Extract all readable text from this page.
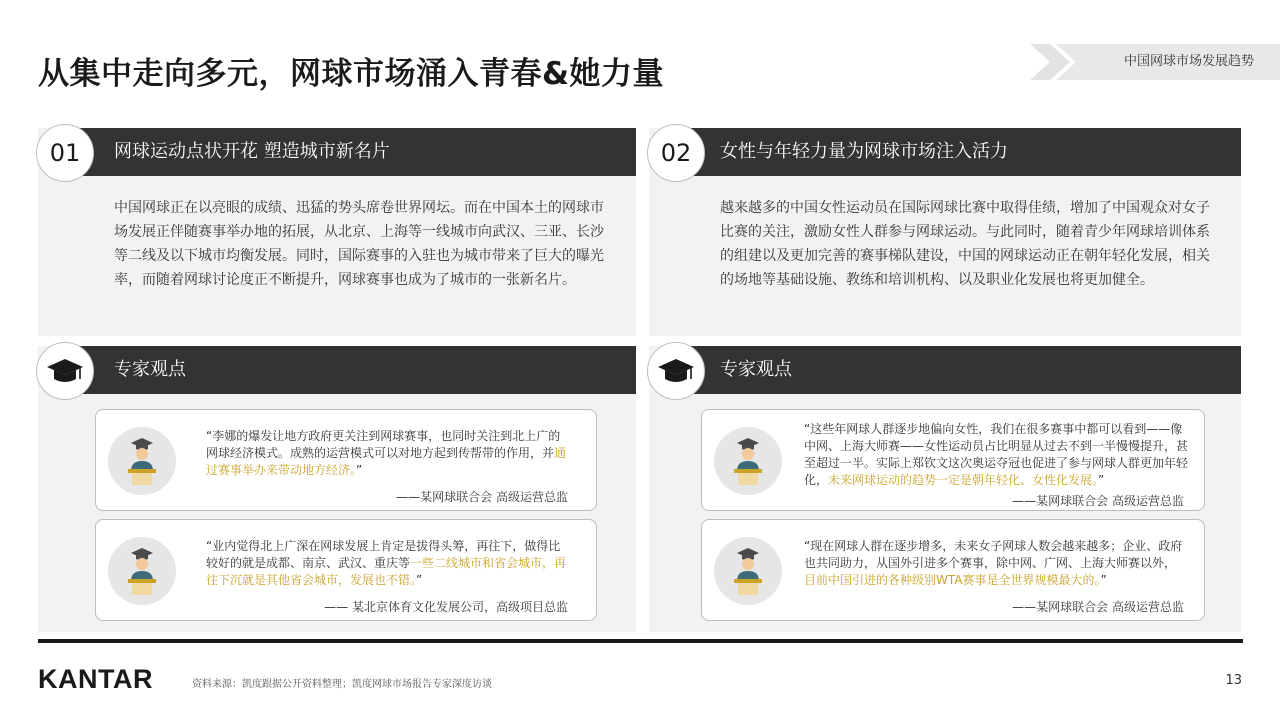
从集中走向多元，网球市场涌入青春&她力量	中国网球市场发展趋势
网球运动点状开花 塑造城市新名片
01
中国网球正在以亮眼的成绩、迅猛的势头席卷世界网坛。而在中国本土的网球市场发展正伴随赛事举办地的拓展，从北京、上海等一线城市向武汉、三亚、长沙等二线及以下城市均衡发展。同时，国际赛事的入驻也为城市带来了巨大的曝光率，而随着网球讨论度正不断提升，网球赛事也成为了城市的一张新名片。
专家观点
“李娜的爆发让地方政府更关注到网球赛事，也同时关注到北上广的网球经济模式。成熟的运营模式可以对地方起到传帮带的作用，并通过赛事举办来带动地方经济。”
——某网球联合会 高级运营总监
“业内觉得北上广深在网球发展上肯定是拔得头筹，再往下，做得比较好的就是成都、南京、武汉、重庆等一些二线城市和省会城市，再往下沉就是其他省会城市，发展也不错。”
—— 某北京体育文化发展公司，高级项目总监
女性与年轻力量为网球市场注入活力
02
越来越多的中国女性运动员在国际网球比赛中取得佳绩，增加了中国观众对女子比赛的关注，激励女性人群参与网球运动。与此同时，随着青少年网球培训体系的组建以及更加完善的赛事梯队建设，中国的网球运动正在朝年轻化发展，相关的场地等基础设施、教练和培训机构、以及职业化发展也将更加健全。
专家观点
“这些年网球人群逐步地偏向女性，我们在很多赛事中都可以看到——像中网、上海大师赛——女性运动员占比明显从过去不到一半慢慢提升，甚至超过一半。实际上郑钦文这次奥运夺冠也促进了参与网球人群更加年轻化，未来网球运动的趋势一定是朝年轻化、女性化发展。”
——某网球联合会 高级运营总监
“现在网球人群在逐步增多，未来女子网球人数会越来越多；企业、政府也共同助力，从国外引进多个赛事，除中网、广网、上海大师赛以外，目前中国引进的各种级别WTA赛事是全世界规模最大的。”
——某网球联合会 高级运营总监
KANTAR	资料来源：凯度跟据公开资料整理；凯度网球市场报告专家深度访谈	13
